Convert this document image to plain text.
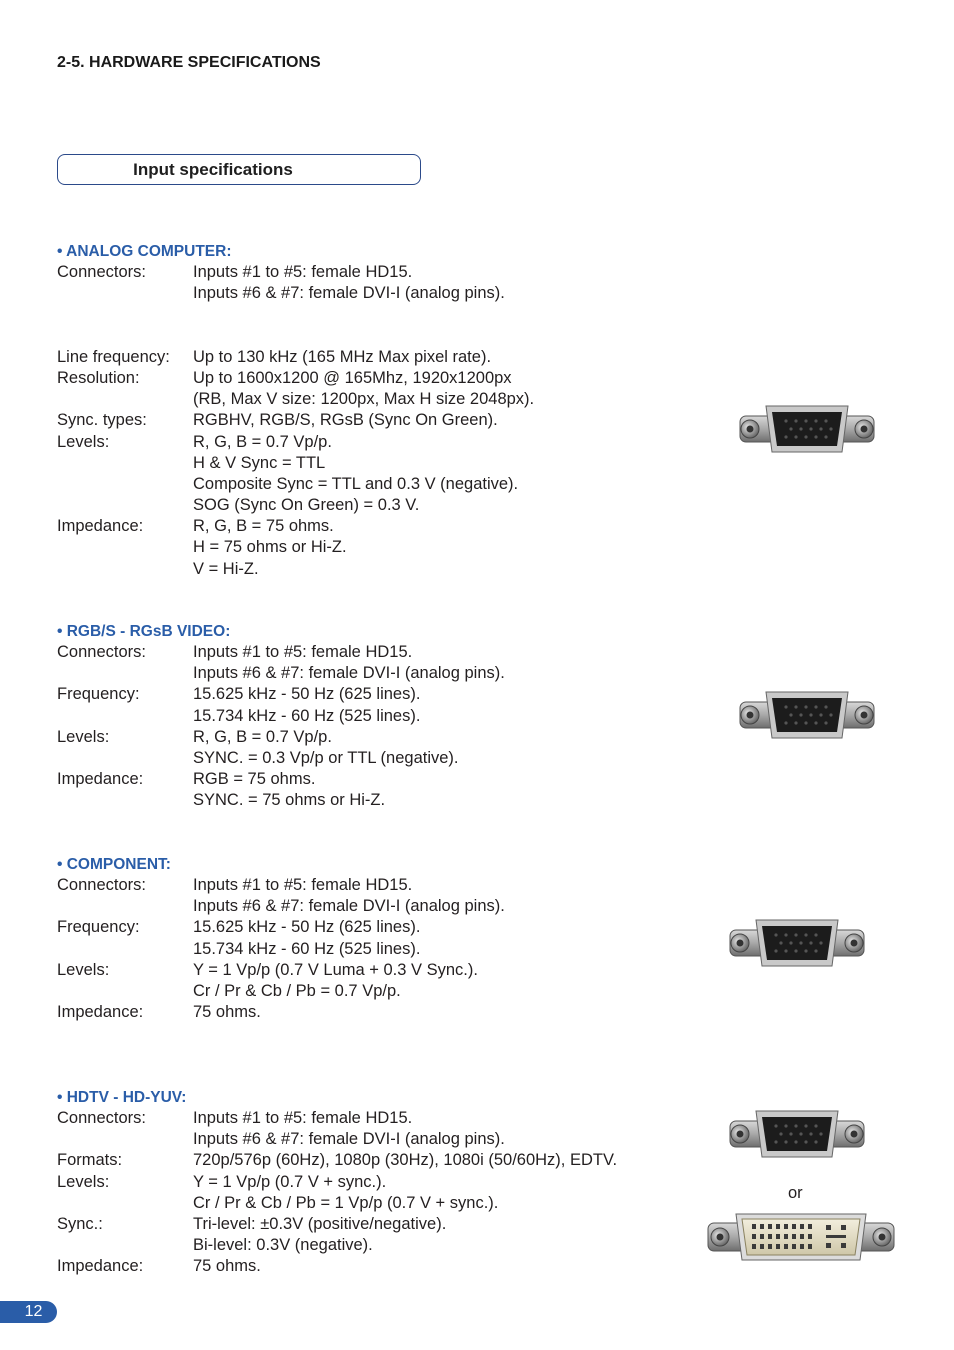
2-5. HARDWARE SPECIFICATIONS
Input specifications
• ANALOG COMPUTER:
Connectors:	Inputs #1 to #5: female HD15.
Inputs #6 & #7: female DVI-I (analog pins).
Line frequency:	Up to 130 kHz (165 MHz Max pixel rate).
Resolution:	Up to 1600x1200 @ 165Mhz, 1920x1200px
(RB, Max V size: 1200px, Max H size 2048px).
Sync. types:	RGBHV, RGB/S, RGsB (Sync On Green).
Levels:	R, G, B = 0.7 Vp/p.
H & V Sync = TTL
Composite Sync = TTL and 0.3 V (negative).
SOG (Sync On Green) = 0.3 V.
Impedance:	R, G, B = 75 ohms.
H = 75 ohms or Hi-Z.
V = Hi-Z.
• RGB/S - RGsB VIDEO:
Connectors:	Inputs #1 to #5: female HD15.
Inputs #6 & #7: female DVI-I (analog pins).
Frequency:	15.625 kHz - 50 Hz (625 lines).
15.734 kHz - 60 Hz (525 lines).
Levels:	R, G, B = 0.7 Vp/p.
SYNC. = 0.3 Vp/p or TTL (negative).
Impedance:	RGB = 75 ohms.
SYNC. = 75 ohms or Hi-Z.
• COMPONENT:
Connectors:	Inputs #1 to #5: female HD15.
Inputs #6 & #7: female DVI-I (analog pins).
Frequency:	15.625 kHz - 50 Hz (625 lines).
15.734 kHz - 60 Hz (525 lines).
Levels:	Y = 1 Vp/p (0.7 V Luma + 0.3 V Sync.).
Cr / Pr & Cb / Pb = 0.7 Vp/p.
Impedance:	75 ohms.
• HDTV - HD-YUV:
Connectors:	Inputs #1 to #5: female HD15.
Inputs #6 & #7: female DVI-I (analog pins).
Formats:	720p/576p (60Hz), 1080p (30Hz), 1080i (50/60Hz), EDTV.
Levels:	Y = 1 Vp/p (0.7 V + sync.).
Cr / Pr & Cb / Pb = 1 Vp/p (0.7 V + sync.).
Sync.:	Tri-level: ±0.3V (positive/negative).
Bi-level: 0.3V (negative).
Impedance:	75 ohms.
or
12
